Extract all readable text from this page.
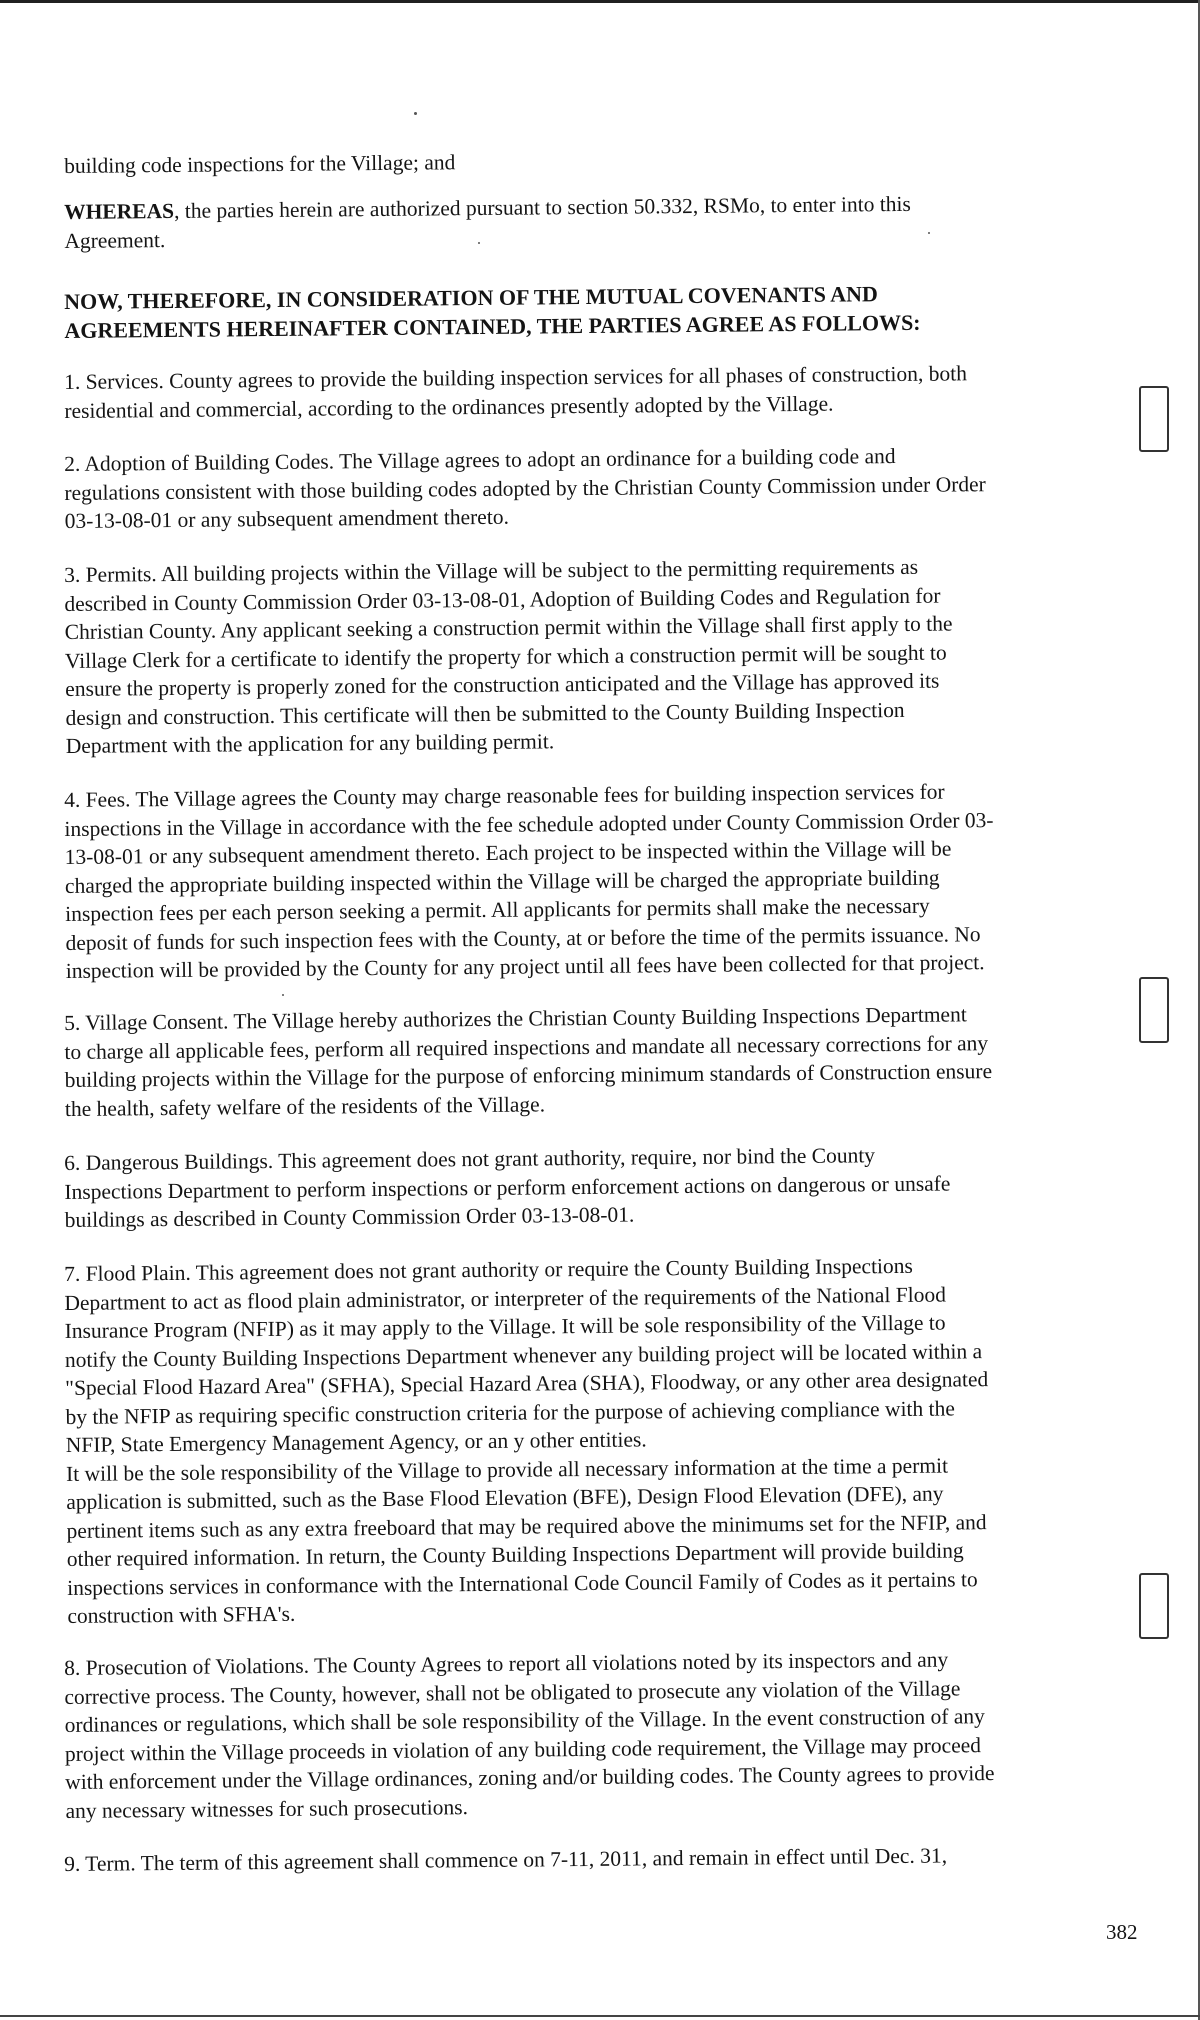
building code inspections for the Village; and

WHEREAS, the parties herein are authorized pursuant to section 50.332, RSMo, to enter into this
Agreement.

NOW, THEREFORE, IN CONSIDERATION OF THE MUTUAL COVENANTS AND
AGREEMENTS HEREINAFTER CONTAINED, THE PARTIES AGREE AS FOLLOWS:

1. Services. County agrees to provide the building inspection services for all phases of construction, both
residential and commercial, according to the ordinances presently adopted by the Village.

2. Adoption of Building Codes. The Village agrees to adopt an ordinance for a building code and
regulations consistent with those building codes adopted by the Christian County Commission under Order
03-13-08-01 or any subsequent amendment thereto.

3. Permits. All building projects within the Village will be subject to the permitting requirements as
described in County Commission Order 03-13-08-01, Adoption of Building Codes and Regulation for
Christian County. Any applicant seeking a construction permit within the Village shall first apply to the
Village Clerk for a certificate to identify the property for which a construction permit will be sought to
ensure the property is properly zoned for the construction anticipated and the Village has approved its
design and construction. This certificate will then be submitted to the County Building Inspection
Department with the application for any building permit.

4. Fees. The Village agrees the County may charge reasonable fees for building inspection services for
inspections in the Village in accordance with the fee schedule adopted under County Commission Order 03-
13-08-01 or any subsequent amendment thereto. Each project to be inspected within the Village will be
charged the appropriate building inspected within the Village will be charged the appropriate building
inspection fees per each person seeking a permit. All applicants for permits shall make the necessary
deposit of funds for such inspection fees with the County, at or before the time of the permits issuance. No
inspection will be provided by the County for any project until all fees have been collected for that project.

5. Village Consent. The Village hereby authorizes the Christian County Building Inspections Department
to charge all applicable fees, perform all required inspections and mandate all necessary corrections for any
building projects within the Village for the purpose of enforcing minimum standards of Construction ensure
the health, safety welfare of the residents of the Village.

6. Dangerous Buildings. This agreement does not grant authority, require, nor bind the County
Inspections Department to perform inspections or perform enforcement actions on dangerous or unsafe
buildings as described in County Commission Order 03-13-08-01.

7. Flood Plain. This agreement does not grant authority or require the County Building Inspections
Department to act as flood plain administrator, or interpreter of the requirements of the National Flood
Insurance Program (NFIP) as it may apply to the Village. It will be sole responsibility of the Village to
notify the County Building Inspections Department whenever any building project will be located within a
"Special Flood Hazard Area" (SFHA), Special Hazard Area (SHA), Floodway, or any other area designated
by the NFIP as requiring specific construction criteria for the purpose of achieving compliance with the
NFIP, State Emergency Management Agency, or an y other entities.
It will be the sole responsibility of the Village to provide all necessary information at the time a permit
application is submitted, such as the Base Flood Elevation (BFE), Design Flood Elevation (DFE), any
pertinent items such as any extra freeboard that may be required above the minimums set for the NFIP, and
other required information. In return, the County Building Inspections Department will provide building
inspections services in conformance with the International Code Council Family of Codes as it pertains to
construction with SFHA's.

8. Prosecution of Violations. The County Agrees to report all violations noted by its inspectors and any
corrective process. The County, however, shall not be obligated to prosecute any violation of the Village
ordinances or regulations, which shall be sole responsibility of the Village. In the event construction of any
project within the Village proceeds in violation of any building code requirement, the Village may proceed
with enforcement under the Village ordinances, zoning and/or building codes. The County agrees to provide
any necessary witnesses for such prosecutions.

9. Term. The term of this agreement shall commence on 7-11, 2011, and remain in effect until Dec. 31,

382
